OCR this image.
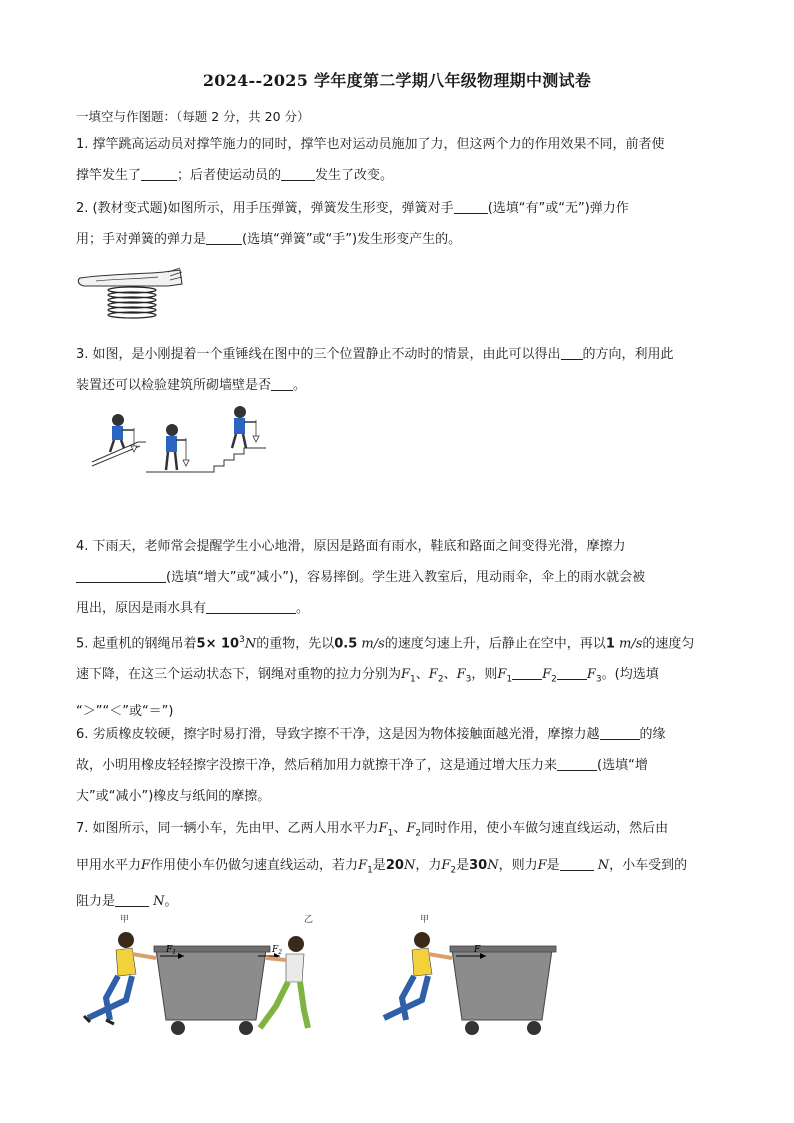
2024--2025 学年度第二学期八年级物理期中测试卷
一填空与作图题：（每题 2 分，共 20 分）
1. 撑竿跳高运动员对撑竿施力的同时，撑竿也对运动员施加了力，但这两个力的作用效果不同，前者使
撑竿发生了	；后者使运动员的	发生了改变。
2. (教材变式题)如图所示，用手压弹簧，弹簧发生形变，弹簧对手	(选填“有”或“无”)弹力作
用；手对弹簧的弹力是	(选填“弹簧”或“手”)发生形变产生的。
3. 如图，是小刚提着一个重锤线在图中的三个位置静止不动时的情景，由此可以得出 的方向，利用此
装置还可以检验建筑所砌墙壁是否 。
4. 下雨天，老师常会提醒学生小心地滑，原因是路面有雨水，鞋底和路面之间变得光滑，摩擦力
(选填“增大”或“减小”)，容易摔倒。学生进入教室后，甩动雨伞，伞上的雨水就会被
甩出，原因是雨水具有	。
5. 起重机的钢绳吊着$5\times 10^3N$的重物，先以0.5 m/s的速度匀速上升，后静止在空中，再以1 m/s的速度匀
速下降，在这三个运动状态下，钢绳对重物的拉力分别为$F_1$、$F_2$、$F_3$，则$F_1$ $F_2$ $F_3$。(均选填
“＞”“＜”或“＝”)
6. 劣质橡皮较硬，擦字时易打滑，导致字擦不干净，这是因为物体接触面越光滑，摩擦力越	的缘
故，小明用橡皮轻轻擦字没擦干净，然后稍加用力就擦干净了，这是通过增大压力来	(选填“增
大”或“减小”)橡皮与纸间的摩擦。
7. 如图所示，同一辆小车，先由甲、乙两人用水平力$F_1$、$F_2$同时作用，使小车做匀速直线运动，然后由
甲用水平力F作用使小车仍做匀速直线运动，若力$F_1$是20N，力$F_2$是30N，则力F是	N，小车受到的
阻力是	N。
甲
$F_1$	$F_2$
乙	甲
F
